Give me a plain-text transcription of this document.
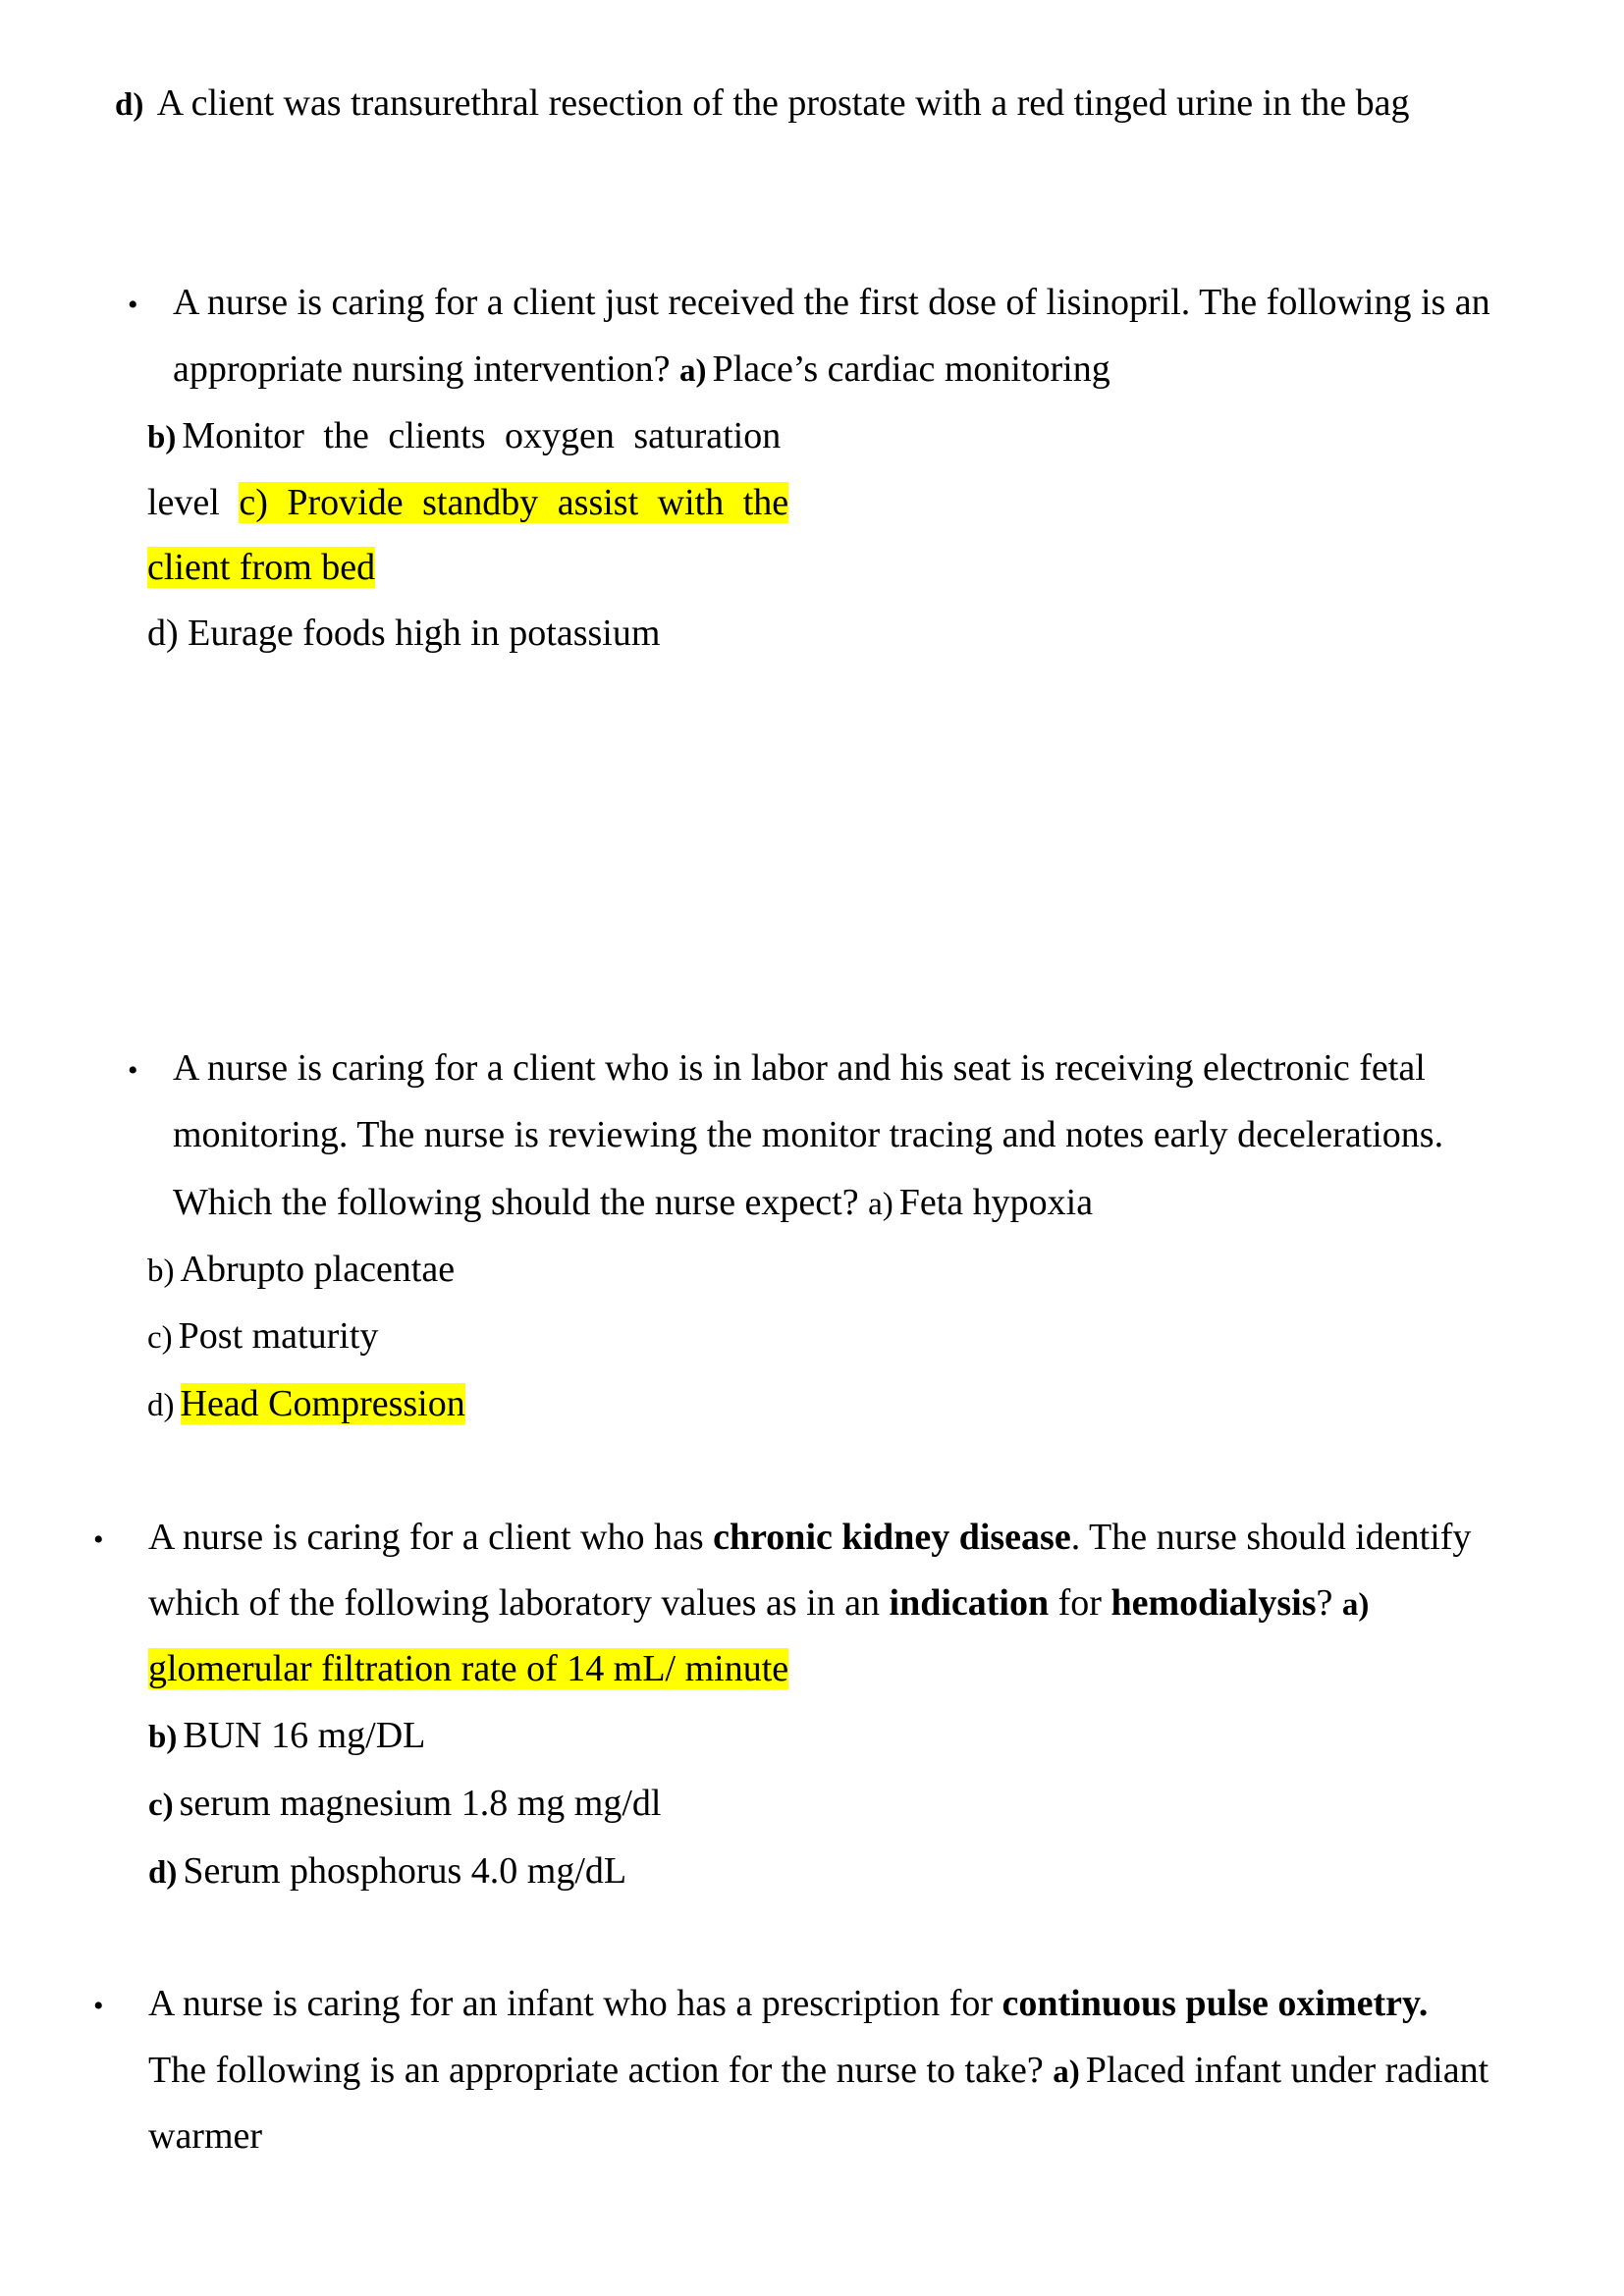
d) A client was transurethral resection of the prostate with a red tinged urine in the bag
• A nurse is caring for a client just received the first dose of lisinopril. The following is an
appropriate nursing intervention? a) Place’s cardiac monitoring
b) Monitor the clients oxygen saturation
level c) Provide standby assist with the
client from bed
d) Eurage foods high in potassium
• A nurse is caring for a client who is in labor and his seat is receiving electronic fetal
monitoring. The nurse is reviewing the monitor tracing and notes early decelerations.
Which the following should the nurse expect? a) Feta hypoxia
b) Abrupto placentae
c) Post maturity
d) Head Compression
• A nurse is caring for a client who has chronic kidney disease. The nurse should identify
which of the following laboratory values as in an indication for hemodialysis? a)
glomerular filtration rate of 14 mL/ minute
b) BUN 16 mg/DL
c) serum magnesium 1.8 mg mg/dl
d) Serum phosphorus 4.0 mg/dL
• A nurse is caring for an infant who has a prescription for continuous pulse oximetry.
The following is an appropriate action for the nurse to take? a) Placed infant under radiant
warmer
